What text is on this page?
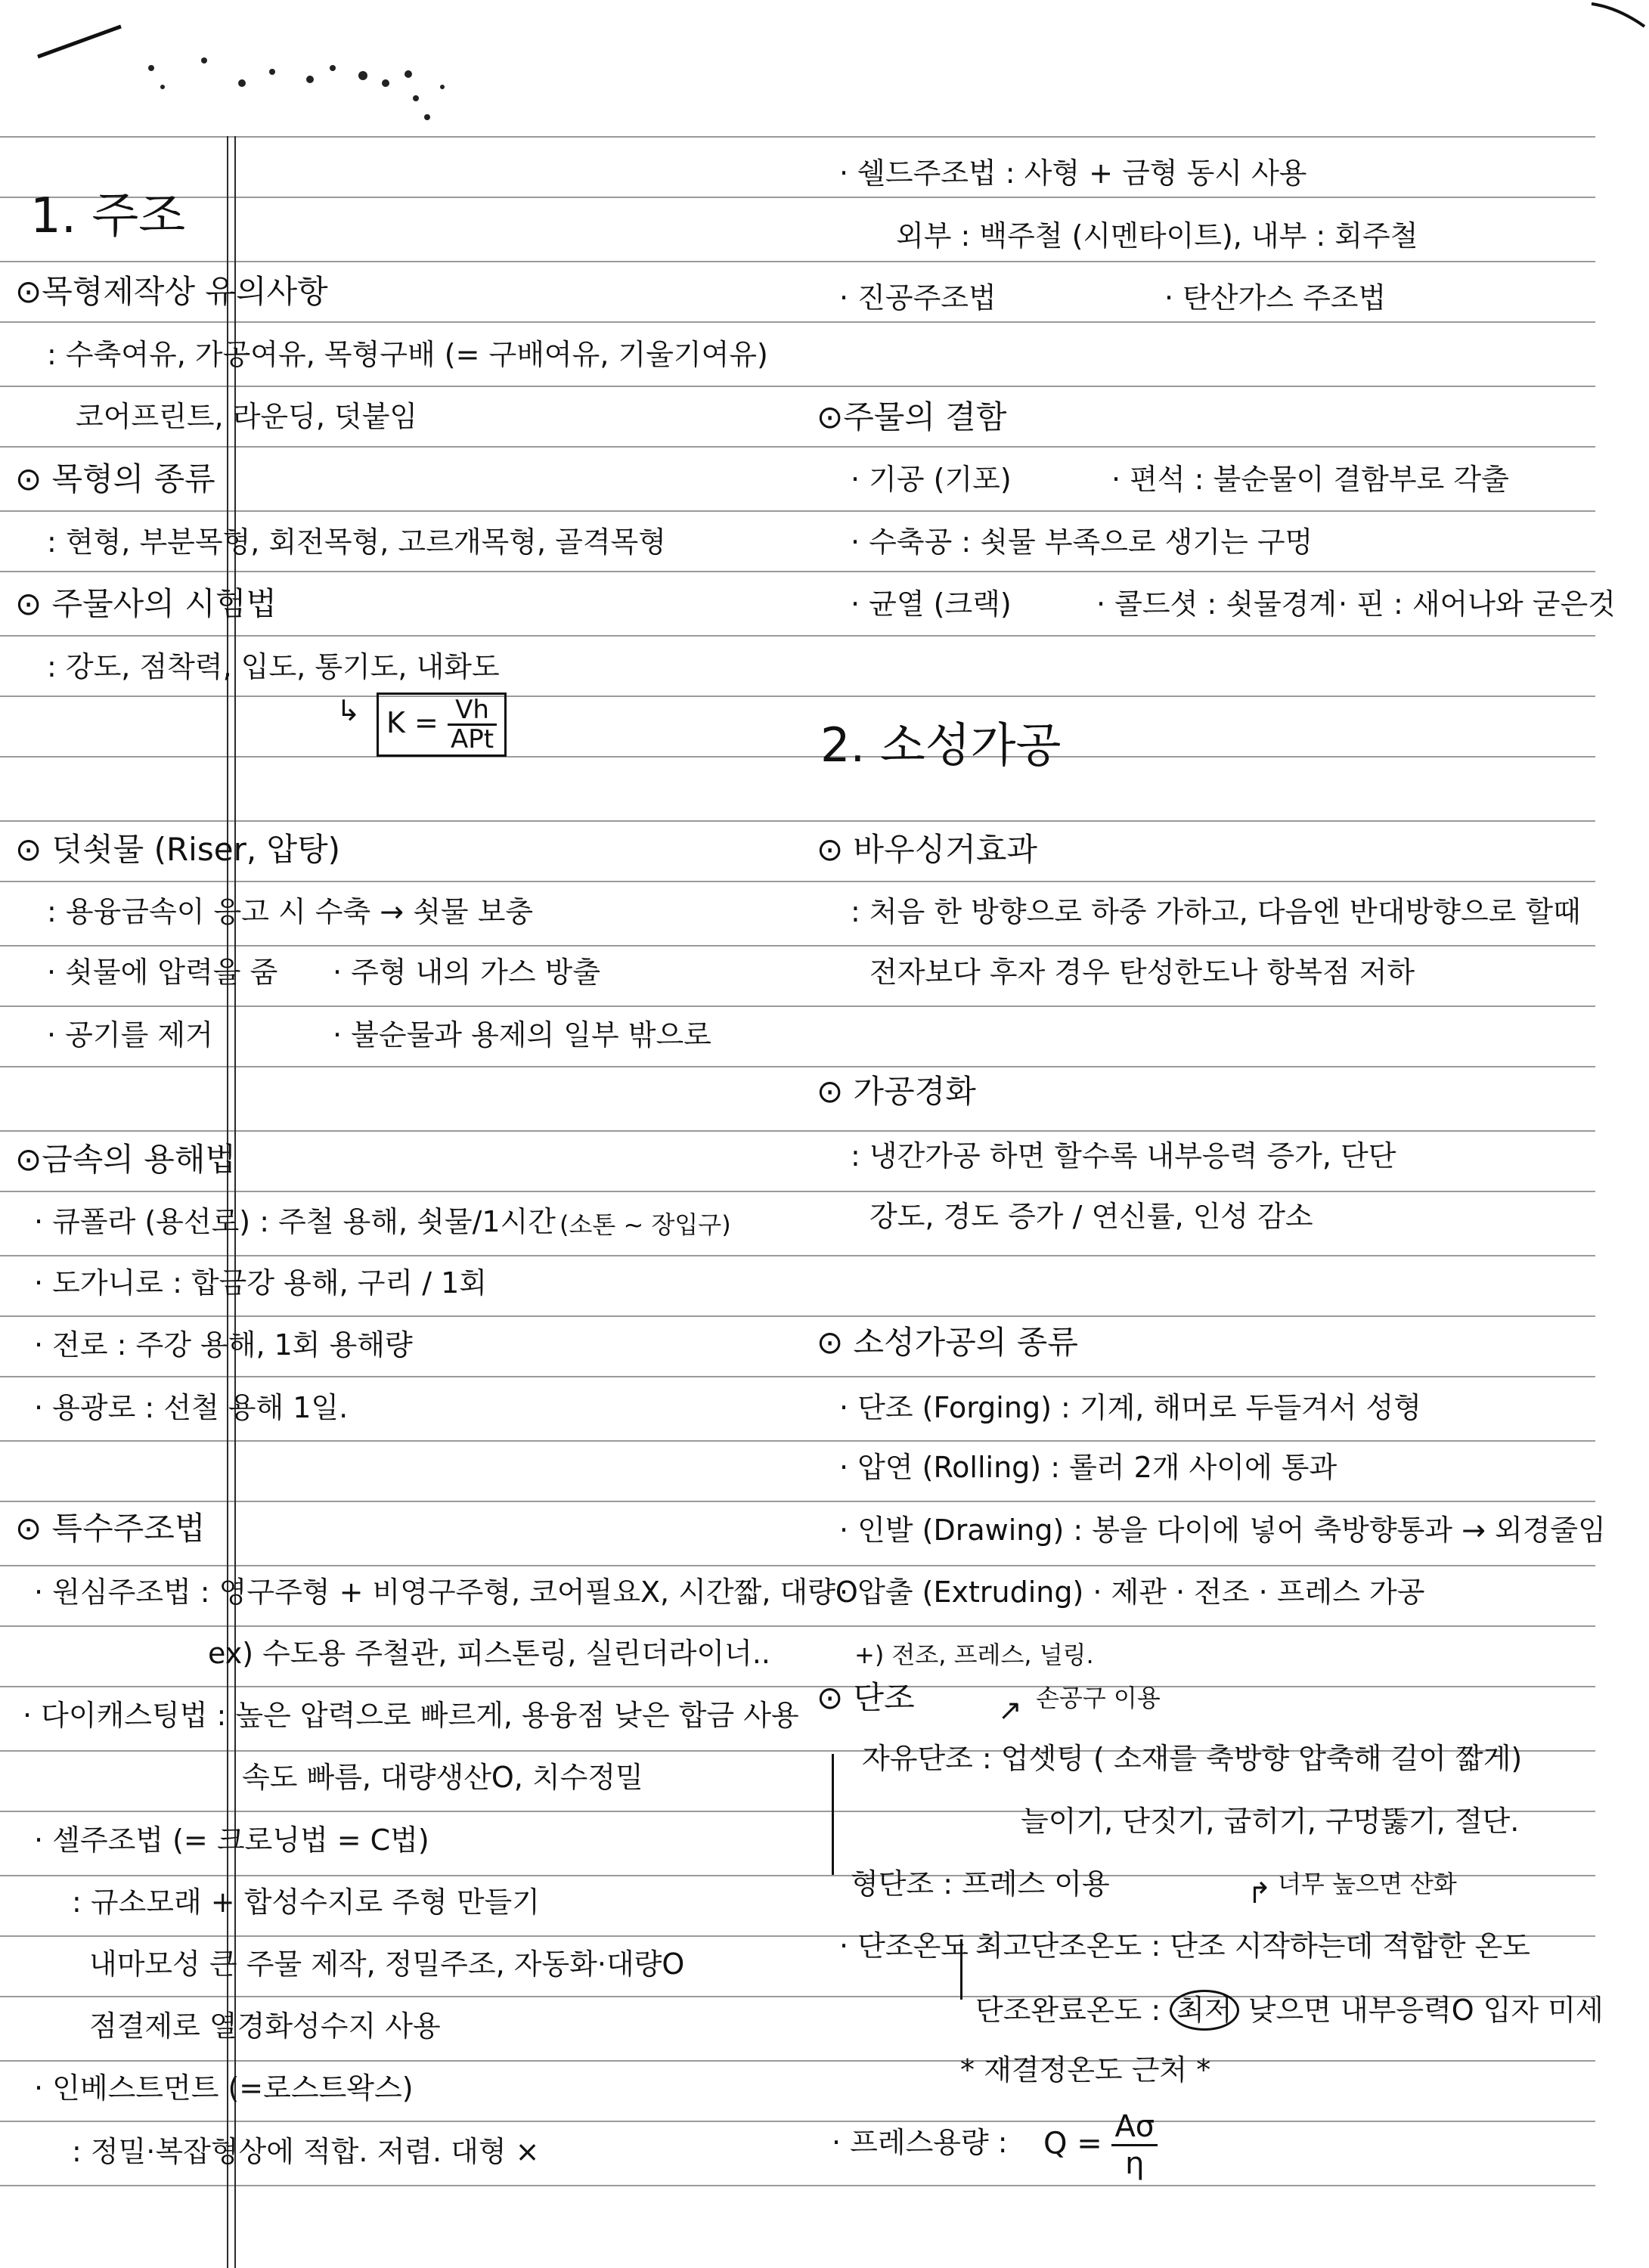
1. 주조
⊙목형제작상 유의사항
: 수축여유, 가공여유, 목형구배 (= 구배여유, 기울기여유)
코어프린트, 라운딩, 덧붙임
⊙ 목형의 종류
: 현형, 부분목형, 회전목형, 고르개목형, 골격목형
⊙ 주물사의 시험법
: 강도, 점착력, 입도, 통기도, 내화도
↳ $K = \frac{Vh}{\text{APt}}$
⊙ 덧쇳물 (Riser, 압탕)
: 용융금속이 응고 시 수축 → 쇳물 보충
· 쇳물에 압력을 줌 · 주형 내의 가스 방출
· 공기를 제거	· 불순물과 용제의 일부 밖으로
⊙금속의 용해법
· 큐폴라 (용선로) : 주철 용해, 쇳물/1시간 (소톤 ~ 장입구)
· 도가니로 : 합금강 용해, 구리 / 1회
· 전로 : 주강 용해, 1회 용해량
· 용광로 : 선철 용해 1일.
⊙ 특수주조법
· 원심주조법 : 영구주형 + 비영구주형, 코어필요X, 시간짧, 대량O
ex) 수도용 주철관, 피스톤링, 실린더라이너..
· 다이캐스팅법 : 높은 압력으로 빠르게, 용융점 낮은 합금 사용
속도 빠름, 대량생산O, 치수정밀
· 셀주조법 (= 크로닝법 = C법)
: 규소모래 + 합성수지로 주형 만들기
내마모성 큰 주물 제작, 정밀주조, 자동화·대량O
점결제로 열경화성수지 사용
· 인베스트먼트 (=로스트왁스)
: 정밀·복잡형상에 적합. 저렴. 대형 ×
· 쉘드주조법 : 사형 + 금형 동시 사용
외부 : 백주철 (시멘타이트), 내부 : 회주철
· 진공주조법	· 탄산가스 주조법
⊙주물의 결함
· 기공 (기포)	· 편석 : 불순물이 결함부로 각출
· 수축공 : 쇳물 부족으로 생기는 구멍
· 균열 (크랙)	· 콜드셧 : 쇳물경계 · 핀 : 새어나와 굳은것
2. 소성가공
⊙ 바우싱거효과
: 처음 한 방향으로 하중 가하고, 다음엔 반대방향으로 할때
전자보다 후자 경우 탄성한도나 항복점 저하
⊙ 가공경화
: 냉간가공 하면 할수록 내부응력 증가, 단단
강도, 경도 증가 / 연신률, 인성 감소
⊙ 소성가공의 종류
· 단조 (Forging) : 기계, 해머로 두들겨서 성형
· 압연 (Rolling) : 롤러 2개 사이에 통과
· 인발 (Drawing) : 봉을 다이에 넣어 축방향통과 → 외경줄임
· 압출 (Extruding) · 제관 · 전조 · 프레스 가공
+) 전조, 프레스, 널링.
⊙ 단조	손공구 이용
↗
자유단조 : 업셋팅 ( 소재를 축방향 압축해 길이 짧게)
늘이기, 단짓기, 굽히기, 구멍뚫기, 절단.
형단조 : 프레스 이용	너무 높으면 산화
↱
· 단조온도 최고단조온도 : 단조 시작하는데 적합한 온도
단조완료온도 : 최저 낮으면 내부응력O 입자 미세
* 재결정온도 근처 *
· 프레스용량 : $Q = \frac{A\sigma}{\eta}$
